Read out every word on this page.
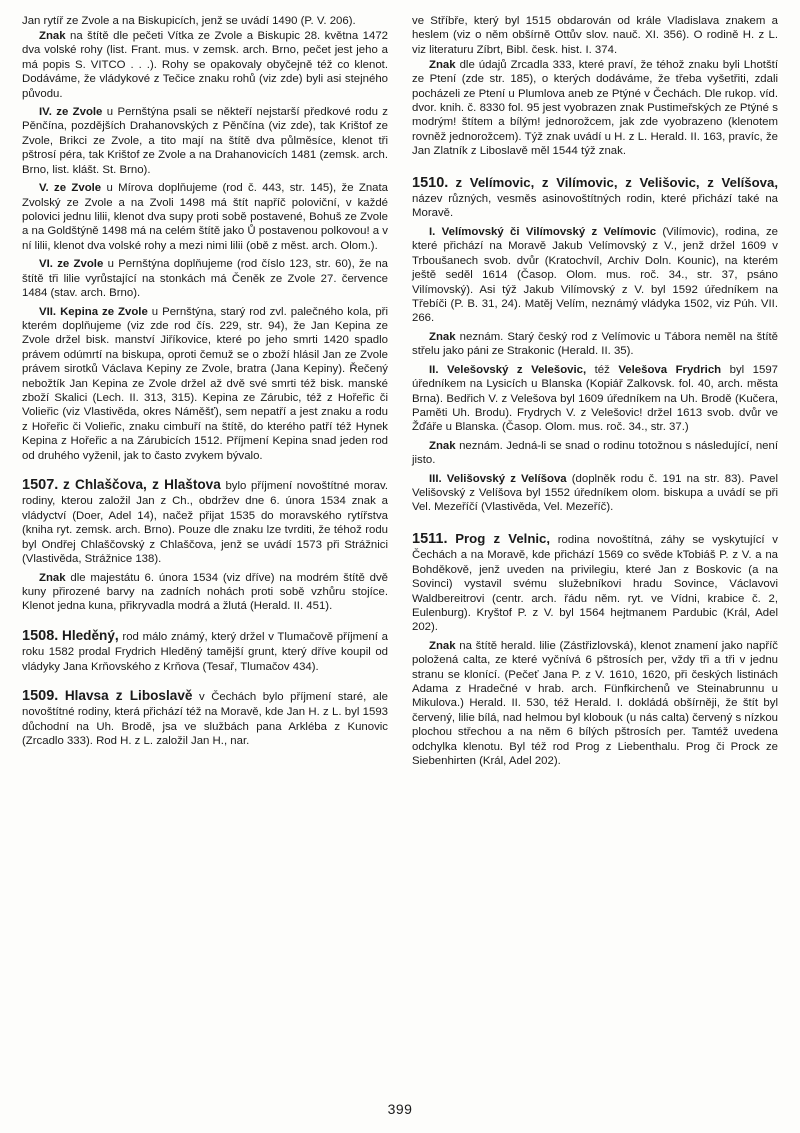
Jan rytíř ze Zvole a na Biskupicích, jenž se uvádí 1490 (P. V. 206).

Znak na štítě dle pečeti Vítka ze Zvole a Biskupic 28. května 1472 dva volské rohy (list. Frant. mus. v zemsk. arch. Brno, pečet jest jeho a má popis S. VITCO . . .). Rohy se opakovaly obyčejně též co klenot. Dodáváme, že vládykové z Tečice znaku rohů (viz zde) byli asi stejného původu.

IV. ze Zvole u Pernštýna psali se někteří nejstarší předkové rodu z Pěnčína, pozdějších Drahanovských z Pěnčína (viz zde), tak Krištof ze Zvole, Brikci ze Zvole, a tito mají na štítě dva půlměsíce, klenot tři pštrosí péra, tak Krištof ze Zvole a na Drahanovicích 1481 (zemsk. arch. Brno, list. klášt. St. Brno).

V. ze Zvole u Mírova doplňujeme (rod č. 443, str. 145), že Znata Zvolský ze Zvole a na Zvoli 1498 má štít napříč poloviční, v každé polovici jednu lilii, klenot dva supy proti sobě postavené, Bohuš ze Zvole a na Goldštýně 1498 má na celém štítě jako Ů postavenou polkovou! a v ní lilii, klenot dva volské rohy a mezi nimi lilii (obě z měst. arch. Olom.).

VI. ze Zvole u Pernštýna doplňujeme (rod číslo 123, str. 60), že na štítě tři lilie vyrůstající na stonkách má Čeněk ze Zvole 27. července 1484 (stav. arch. Brno).

VII. Kepina ze Zvole u Pernštýna, starý rod zvl. palečného kola, při kterém doplňujeme (viz zde rod čís. 229, str. 94), že Jan Kepina ze Zvole držel bisk. manství Jiříkovice, které po jeho smrti 1420 spadlo právem odúmrtí na biskupa, oproti čemuž se o zboží hlásil Jan ze Zvole právem sirotků Václava Kepiny ze Zvole, bratra (Jana Kepiny). Řečený nebožtík Jan Kepina ze Zvole držel až dvě své smrti též bisk. manské zboží Skalici (Lech. II. 313, 315). Kepina ze Zárubic, též z Hořeřic či Volieřic (viz Vlastivěda, okres Náměšť), sem nepatří a jest znaku a rodu z Hořeřic či Volieřic, znaku cimbuří na štítě, do kterého patří též Hynek Kepina z Hořeřic a na Zárubicích 1512. Příjmení Kepina snad jeden rod od druhého vyženil, jak to často zvykem bývalo.

1507. z Chlaščova, z Hlaštova bylo příjmení novoštítné morav. rodiny, kterou založil Jan z Ch., obdržev dne 6. února 1534 znak a vládyctví (Doer, Adel 14), načež přijat 1535 do moravského rytířstva (kniha ryt. zemsk. arch. Brno). Pouze dle znaku lze tvrditi, že téhož rodu byl Ondřej Chlaščovský z Chlaščova, jenž se uvádí 1573 při Strážnici (Vlastivěda, Strážnice 138).

Znak dle majestátu 6. února 1534 (viz dříve) na modrém štítě dvě kuny přirozené barvy na zadních nohách proti sobě vzhůru stojíce. Klenot jedna kuna, přikryvadla modrá a žlutá (Herald. II. 451).

1508. Hleděný, rod málo známý, který držel v Tlumačově příjmení a roku 1582 prodal Frydrich Hleděný tamější grunt, který dříve koupil od vládyky Jana Krňovského z Krňova (Tesař, Tlumačov 434).

1509. Hlavsa z Liboslavě v Čechách bylo příjmení staré, ale novoštítné rodiny, která přichází též na Moravě, kde Jan H. z L. byl 1593 důchodní na Uh. Brodě, jsa ve službách pana Arkléba z Kunovic (Zrcadlo 333). Rod H. z L. založil Jan H., nar.

ve Stříbře, který byl 1515 obdarován od krále Vladislava znakem a heslem (viz o něm obšírně Ottův slov. nauč. XI. 356). O rodině H. z L. viz literaturu Zíbrt, Bibl. česk. hist. I. 374.

Znak dle údajů Zrcadla 333, které praví, že téhož znaku byli Lhotští ze Ptení (zde str. 185), o kterých dodáváme, že třeba vyšetřiti, zdali pocházeli ze Ptení u Plumlova aneb ze Ptýné v Čechách. Dle rukop. víd. dvor. knih. č. 8330 fol. 95 jest vyobrazen znak Pustimeřských ze Ptýné s modrým! štítem a bílým! jednorožcem, jak zde vyobrazeno (klenotem rovněž jednorožcem). Týž znak uvádí u H. z L. Herald. II. 163, pravíc, že Jan Zlatník z Liboslavě měl 1544 týž znak.

1510. z Velímovic, z Vilímovic, z Velišovic, z Velíšova, název různých, vesměs asinovoštítných rodin, které přichází také na Moravě.

I. Velímovský či Vilímovský z Velímovic (Vilímovic), rodina, ze které přichází na Moravě Jakub Velímovský z V., jenž držel 1609 v Trboušanech svob. dvůr (Kratochvíl, Archiv Doln. Kounic), na kterém ještě seděl 1614 (Časop. Olom. mus. roč. 34., str. 37, psáno Vilímovský). Asi týž Jakub Vilímovský z V. byl 1592 úředníkem na Třebíči (P. B. 31, 24). Matěj Velím, neznámý vládyka 1502, viz Púh. VII. 266.

Znak neznám. Starý český rod z Velímovic u Tábora neměl na štítě střelu jako páni ze Strakonic (Herald. II. 35).

II. Velešovský z Velešovic, též Velešova Frydrich byl 1597 úředníkem na Lysicích u Blanska (Kopiář Zalkovsk. fol. 40, arch. města Brna). Bedřich V. z Velešova byl 1609 úředníkem na Uh. Brodě (Kučera, Paměti Uh. Brodu). Frydrych V. z Velešovic! držel 1613 svob. dvůr ve Žďáře u Blanska. (Časop. Olom. mus. roč. 34., str. 37.)

Znak neznám. Jedná-li se snad o rodinu totožnou s následující, není jisto.

III. Velišovský z Velíšova (doplněk rodu č. 191 na str. 83). Pavel Velišovský z Velíšova byl 1552 úředníkem olom. biskupa a uvádí se při Vel. Mezeříčí (Vlastivěda, Vel. Mezeříč).

1511. Prog z Velnic, rodina novoštítná, záhy se vyskytující v Čechách a na Moravě, kde přichází 1569 co svěde kTobiáš P. z V. a na Bohděkově, jenž uveden na privilegiu, které Jan z Boskovic (a na Sovinci) vystavil svému služebníkovi hradu Sovince, Václavovi Waldbereitrovi (centr. arch. řádu něm. ryt. ve Vídni, krabice č. 2, Eulenburg). Kryštof P. z V. byl 1564 hejtmanem Pardubic (Král, Adel 202).

Znak na štítě herald. lilie (Zástřizlovská), klenot znamení jako napříč položená calta, ze které vyčnívá 6 pštrosích per, vždy tři a tři v jednu stranu se klonící. (Pečeť Jana P. z V. 1610, 1620, při českých listinách Adama z Hradečné v hrab. arch. Fünfkirchenů ve Steinabrunnu u Mikulova.) Herald. II. 530, též Herald. I. dokládá obšírněji, že štít byl červený, lilie bílá, nad helmou byl klobouk (u nás calta) červený s nízkou plochou střechou a na něm 6 bílých pštrosích per. Tamtéž uvedena odchylka klenotu. Byl též rod Prog z Liebenthalu. Prog či Prock ze Siebenhirten (Král, Adel 202).

399
